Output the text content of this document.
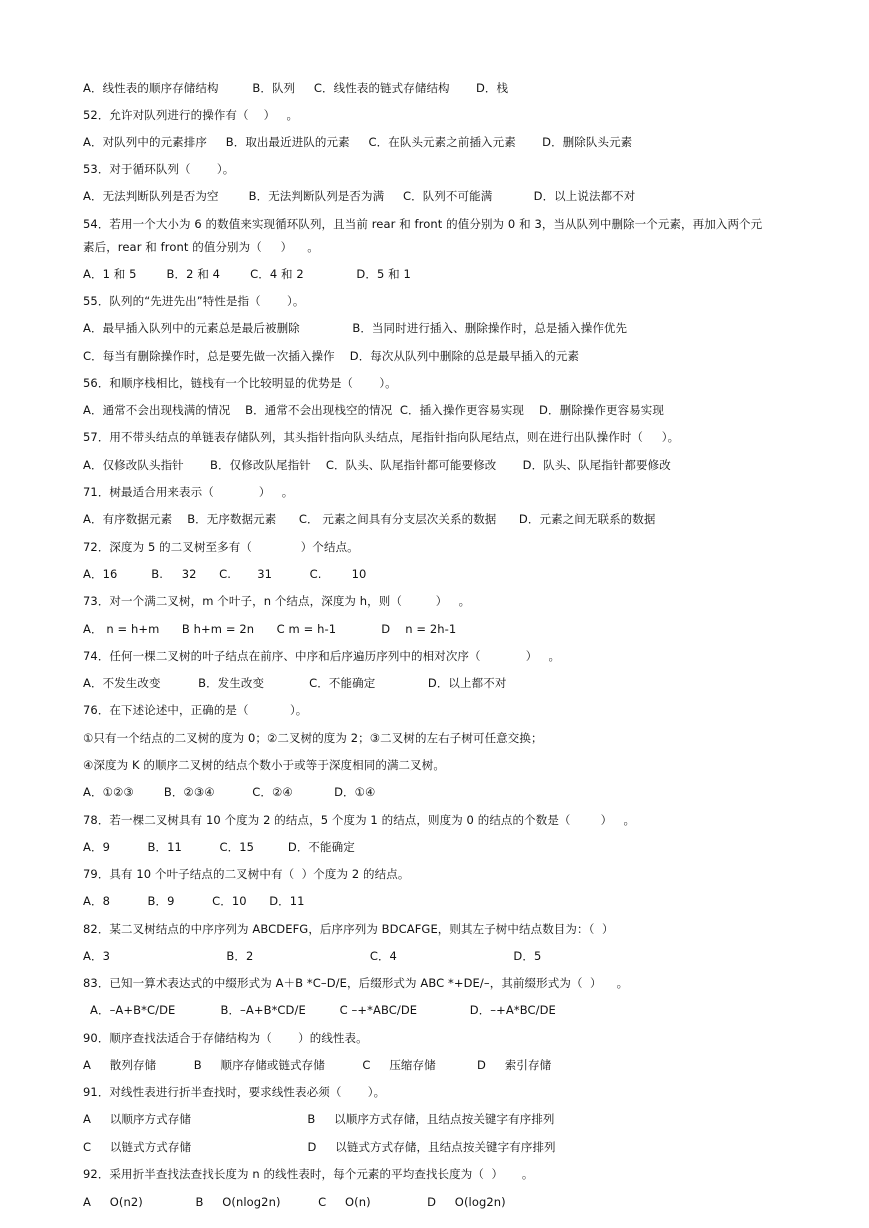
A．线性表的顺序存储结构         B．队列     C．线性表的链式存储结构       D．栈
52．允许对队列进行的操作有（    ）   。
A．对队列中的元素排序     B．取出最近进队的元素     C．在队头元素之前插入元素       D．删除队头元素
53．对于循环队列（       ）。
A．无法判断队列是否为空        B．无法判断队列是否为满     C．队列不可能满           D．以上说法都不对
54．若用一个大小为 6 的数值来实现循环队列，且当前 rear 和 front 的值分别为 0 和 3，当从队列中删除一个元素，再加入两个元
素后，rear 和 front 的值分别为（     ）    。
A．1 和 5        B．2 和 4        C．4 和 2              D．5 和 1
55．队列的“先进先出”特性是指（       ）。
A．最早插入队列中的元素总是最后被删除              B．当同时进行插入、删除操作时，总是插入操作优先
C．每当有删除操作时，总是要先做一次插入操作    D．每次从队列中删除的总是最早插入的元素
56．和顺序栈相比，链栈有一个比较明显的优势是（       ）。
A．通常不会出现栈满的情况    B．通常不会出现栈空的情况  C．插入操作更容易实现    D．删除操作更容易实现
57．用不带头结点的单链表存储队列，其头指针指向队头结点，尾指针指向队尾结点，则在进行出队操作时（     ）。
A．仅修改队头指针       B．仅修改队尾指针    C．队头、队尾指针都可能要修改       D．队头、队尾指针都要修改
71．树最适合用来表示（            ）   。
A．有序数据元素    B．无序数据元素      C． 元素之间具有分支层次关系的数据      D．元素之间无联系的数据
72．深度为 5 的二叉树至多有（             ）个结点。
A．16         B.     32      C.       31          C.        10
73．对一个满二叉树，m 个叶子，n 个结点，深度为 h，则（         ）   。
A． n = h+m      B h+m = 2n      C m = h-1            D    n = 2h-1
74．任何一棵二叉树的叶子结点在前序、中序和后序遍历序列中的相对次序（            ）   。
A．不发生改变          B．发生改变            C．不能确定              D．以上都不对
76．在下述论述中，正确的是（           ）。
①只有一个结点的二叉树的度为 0；②二叉树的度为 2；③二叉树的左右子树可任意交换；
④深度为 K 的顺序二叉树的结点个数小于或等于深度相同的满二叉树。
A．①②③        B．②③④          C．②④           D．①④
78．若一棵二叉树具有 10 个度为 2 的结点，5 个度为 1 的结点，则度为 0 的结点的个数是（        ）   。
A．9          B．11          C．15         D．不能确定
79．具有 10 个叶子结点的二叉树中有（  ）个度为 2 的结点。
A．8          B．9          C．10      D．11
82．某二叉树结点的中序序列为 ABCDEFG，后序序列为 BDCAFGE，则其左子树中结点数目为：（  ）
A．3                               B．2                               C．4                               D．5
83．已知一算术表达式的中缀形式为 A＋B *C–D/E，后缀形式为 ABC *+DE/–，其前缀形式为（  ）    。
A．–A+B*C/DE            B．–A+B*CD/E         C –+*ABC/DE              D．–+A*BC/DE
90．顺序查找法适合于存储结构为（       ）的线性表。
A     散列存储          B     顺序存储或链式存储          C     压缩存储           D     索引存储
91．对线性表进行折半查找时，要求线性表必须（       ）。
A     以顺序方式存储                               B     以顺序方式存储，且结点按关键字有序排列
C     以链式方式存储                               D     以链式方式存储，且结点按关键字有序排列
92．采用折半查找法查找长度为 n 的线性表时，每个元素的平均查找长度为（  ）     。
A     O(n2)              B     O(nlog2n)          C     O(n)               D     O(log2n)
